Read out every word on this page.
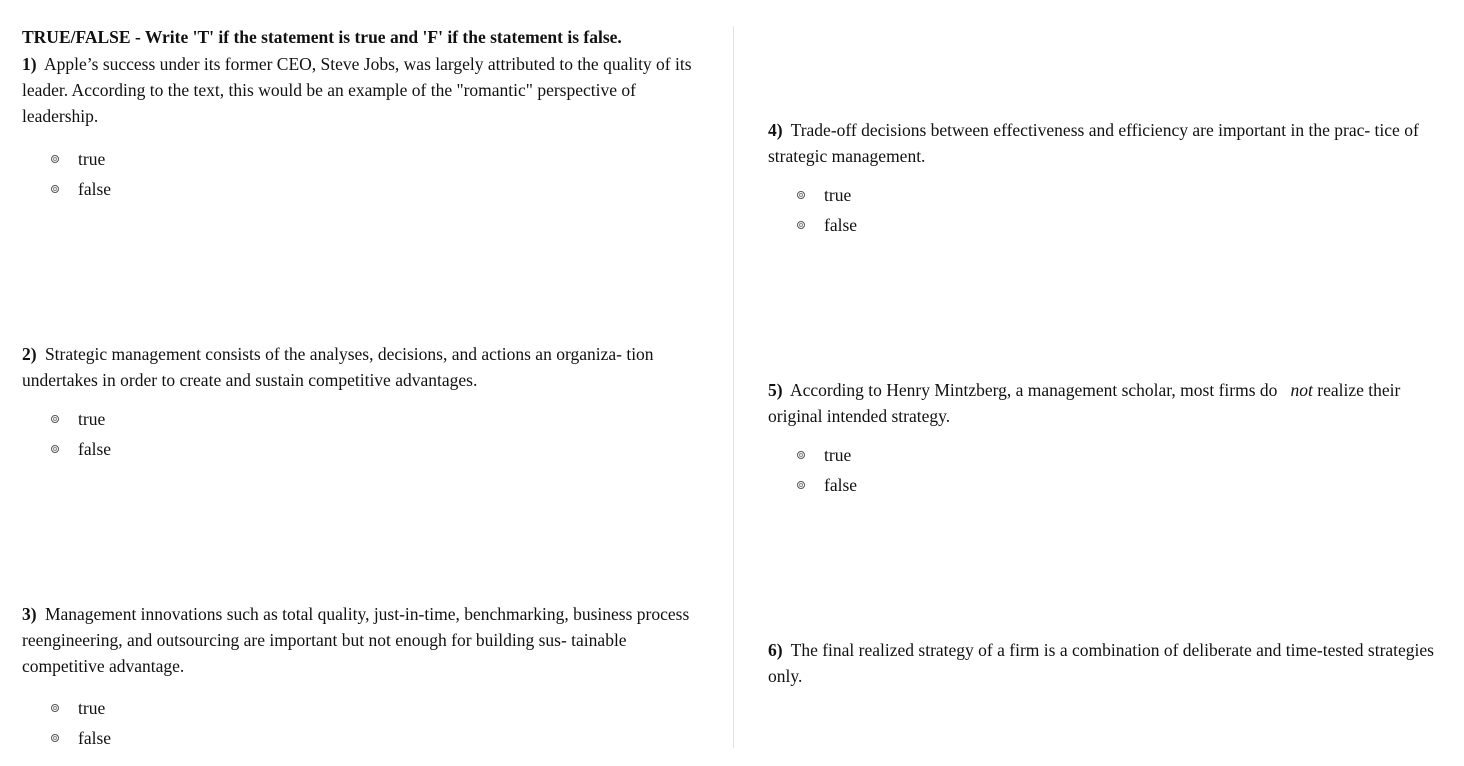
TRUE/FALSE - Write 'T' if the statement is true and 'F' if the statement is false.

1) Apple’s success under its former CEO, Steve Jobs, was largely attributed to the quality of its leader. According to the text, this would be an example of the "romantic" perspective of leadership.

true
false

2) Strategic management consists of the analyses, decisions, and actions an organiza- tion undertakes in order to create and sustain competitive advantages.

true
false

3) Management innovations such as total quality, just-in-time, benchmarking, business process reengineering, and outsourcing are important but not enough for building sus- tainable competitive advantage.

true
false

4) Trade-off decisions between effectiveness and efficiency are important in the prac- tice of strategic management.

true
false

5) According to Henry Mintzberg, a management scholar, most firms do not realize their original intended strategy.

true
false

6) The final realized strategy of a firm is a combination of deliberate and time-tested strategies only.
